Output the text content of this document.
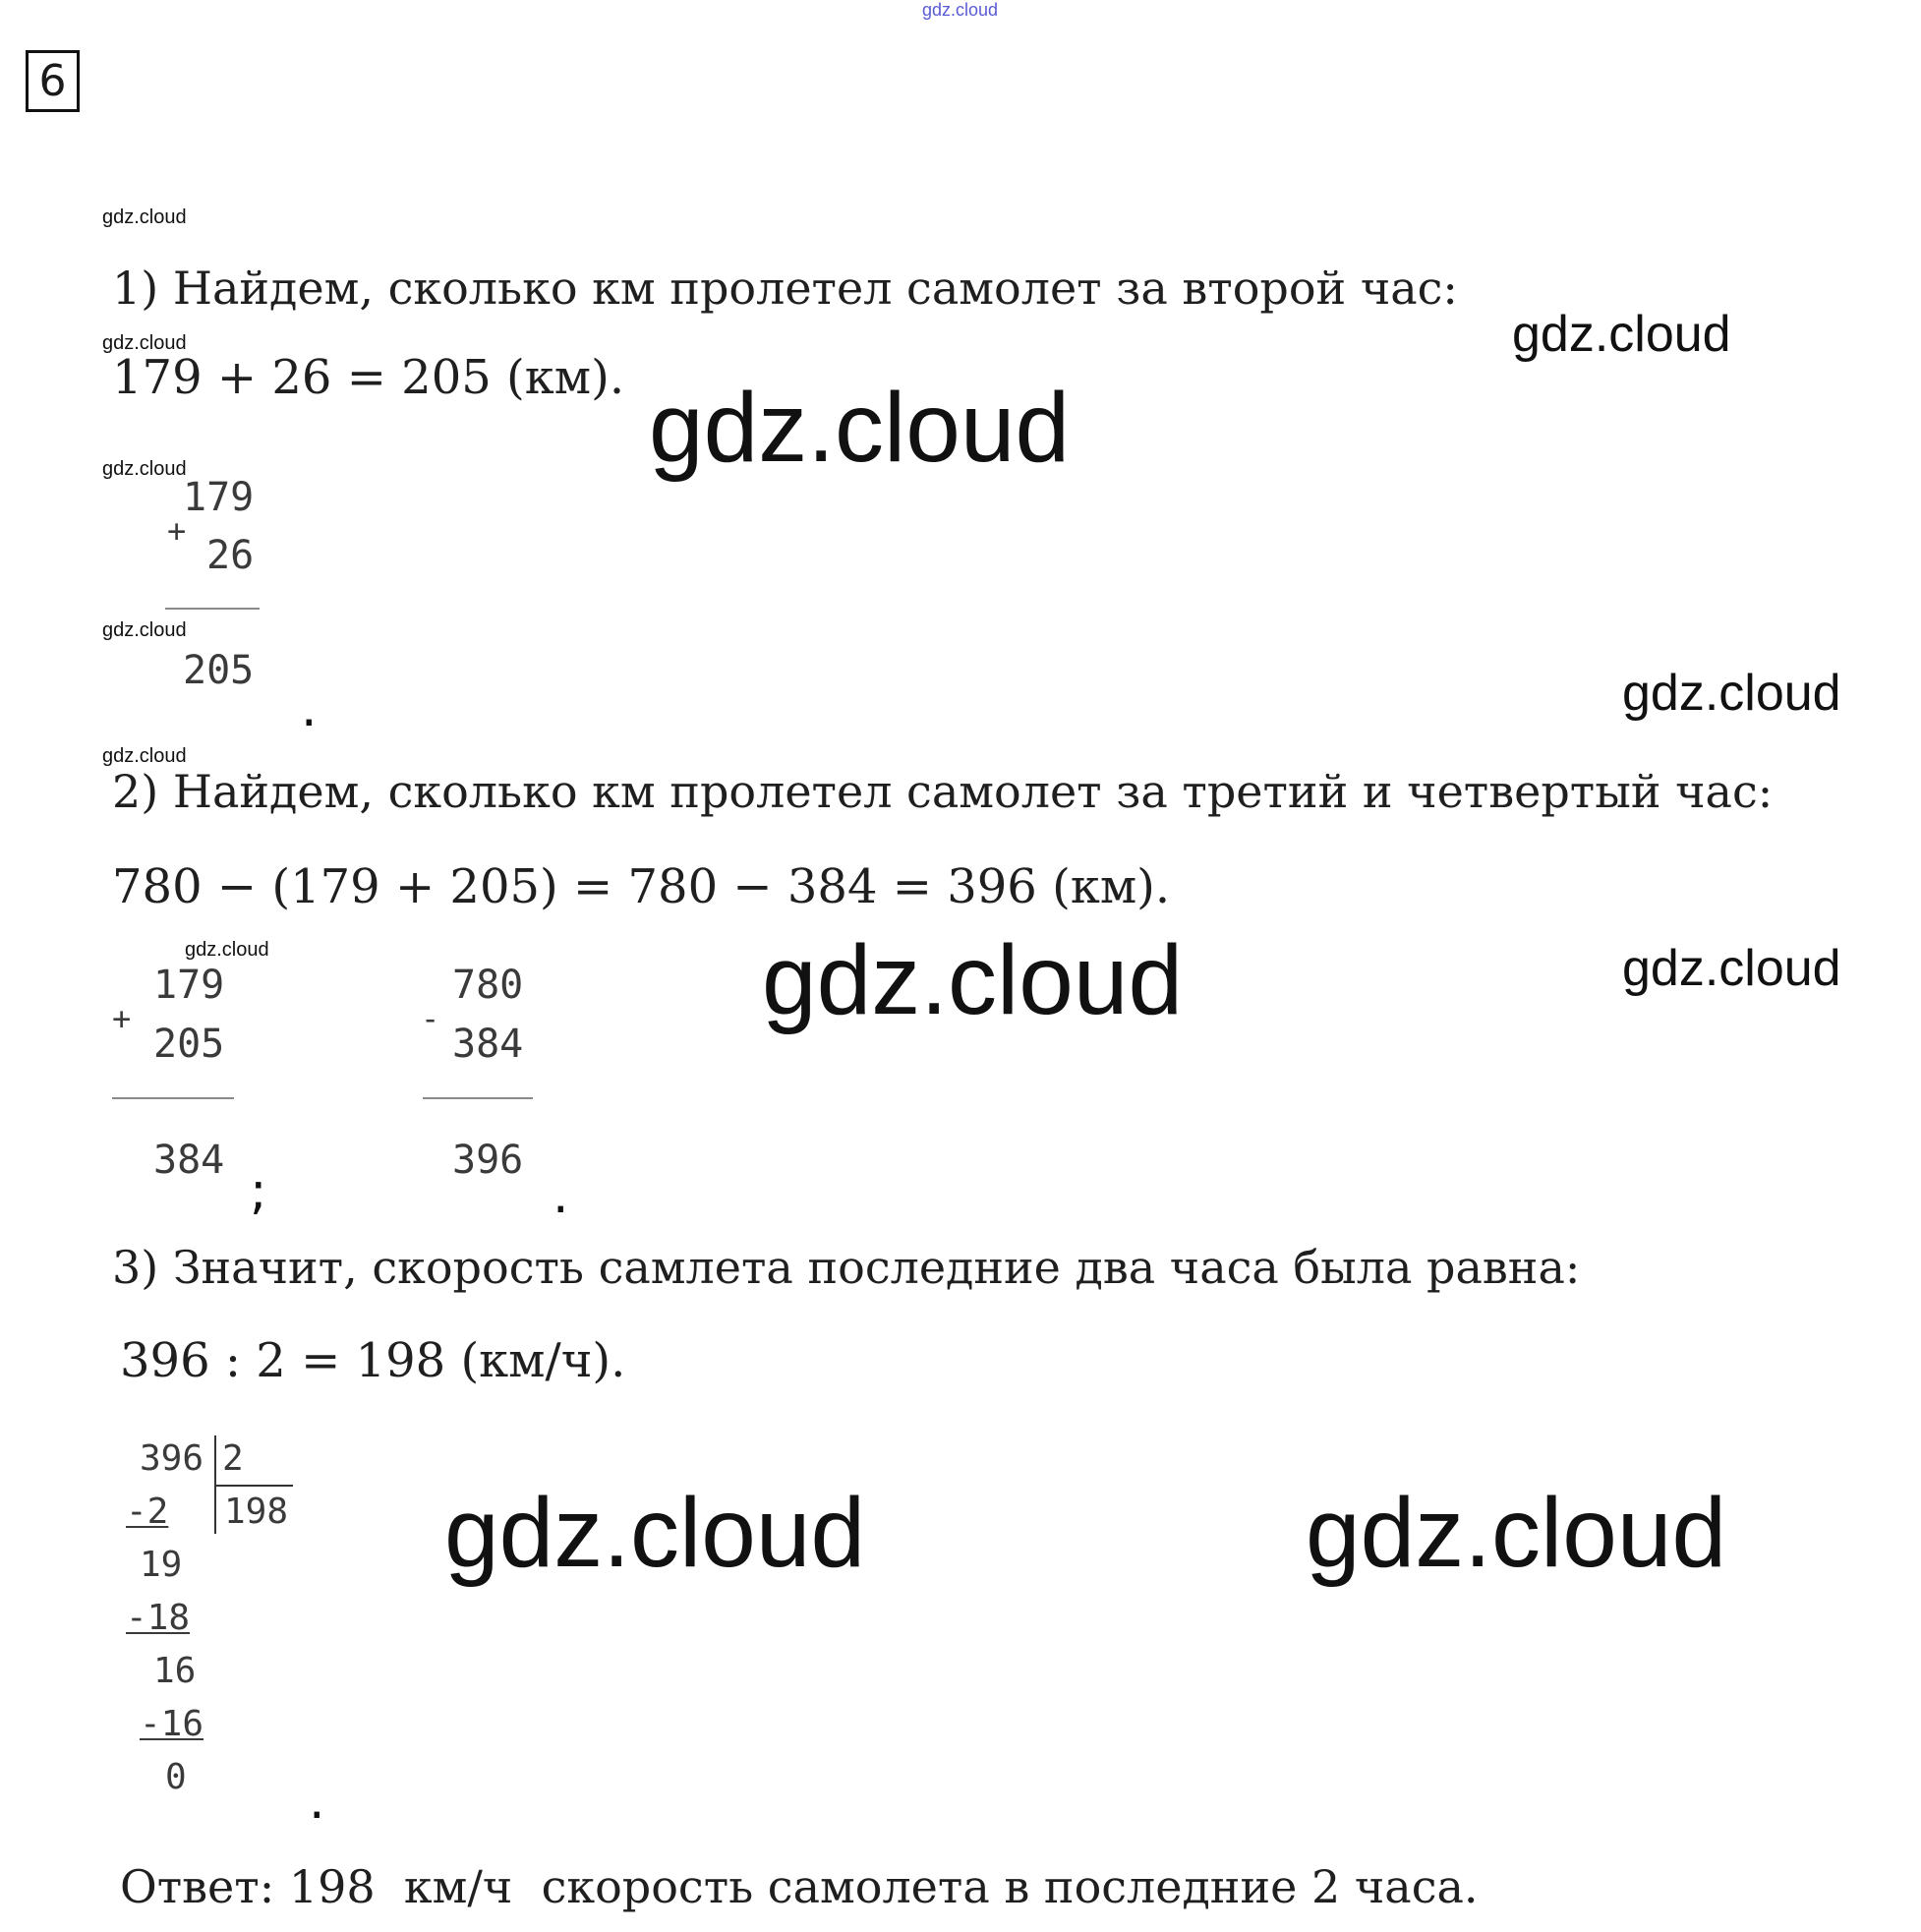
gdz.cloud
6
gdz.cloud
gdz.cloud
gdz.cloud
gdz.cloud
gdz.cloud
gdz.cloud
gdz.cloud
gdz.cloud
gdz.cloud
gdz.cloud
gdz.cloud
gdz.cloud	gdz.cloud
1) Найдем, сколько км пролетел самолет за второй час:
179 + 26 = 205 (км).
+
179
26
205
.
2) Найдем, сколько км пролетел самолет за третий и четвертый час:
780 − (179 + 205) = 780 − 384 = 396 (км).
+
179
205
384
;
-
780
384
396
.
3) Значит, скорость самлета последние два часа была равна:
396 : 2 = 198 (км/ч).
396 2
198
-2
19
-18
16
-16
0 .
Ответ: 198  км/ч  скорость самолета в последние 2 часа.
